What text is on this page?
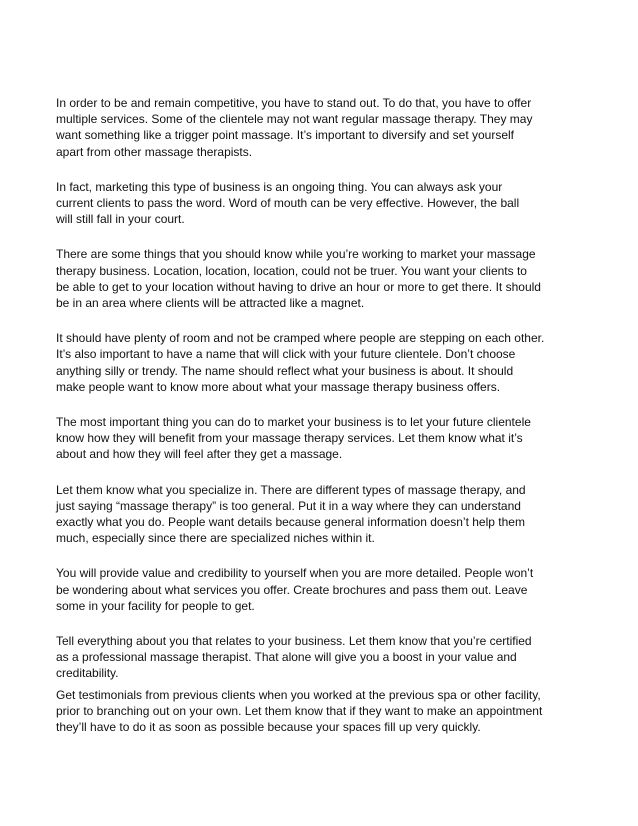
In order to be and remain competitive, you have to stand out. To do that, you have to offer
multiple services. Some of the clientele may not want regular massage therapy. They may
want something like a trigger point massage. It’s important to diversify and set yourself
apart from other massage therapists.

In fact, marketing this type of business is an ongoing thing. You can always ask your
current clients to pass the word. Word of mouth can be very effective. However, the ball
will still fall in your court.

There are some things that you should know while you’re working to market your massage
therapy business. Location, location, location, could not be truer. You want your clients to
be able to get to your location without having to drive an hour or more to get there. It should
be in an area where clients will be attracted like a magnet.

It should have plenty of room and not be cramped where people are stepping on each other.
It’s also important to have a name that will click with your future clientele. Don’t choose
anything silly or trendy. The name should reflect what your business is about. It should
make people want to know more about what your massage therapy business offers.

The most important thing you can do to market your business is to let your future clientele
know how they will benefit from your massage therapy services. Let them know what it’s
about and how they will feel after they get a massage.

Let them know what you specialize in. There are different types of massage therapy, and
just saying “massage therapy” is too general. Put it in a way where they can understand
exactly what you do. People want details because general information doesn’t help them
much, especially since there are specialized niches within it.

You will provide value and credibility to yourself when you are more detailed. People won’t
be wondering about what services you offer. Create brochures and pass them out. Leave
some in your facility for people to get.

Tell everything about you that relates to your business. Let them know that you’re certified
as a professional massage therapist. That alone will give you a boost in your value and
creditability.

Get testimonials from previous clients when you worked at the previous spa or other facility,
prior to branching out on your own. Let them know that if they want to make an appointment
they’ll have to do it as soon as possible because your spaces fill up very quickly.
